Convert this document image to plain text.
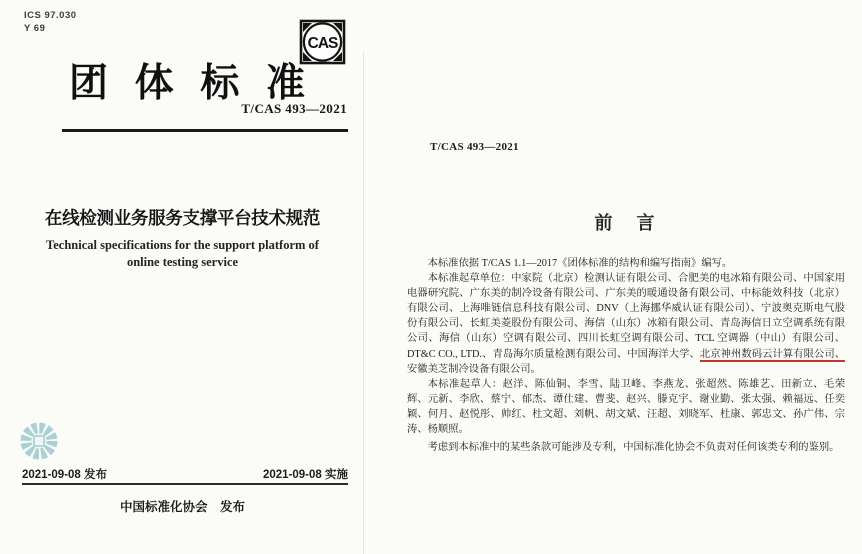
ICS 97.030
Y 69
CAS
团 体 标 准
T/CAS 493—2021
在线检测业务服务支撑平台技术规范
Technical specifications for the support platform of
online testing service
2021-09-08 发布	2021-09-08 实施
中国标准化协会　发布
T/CAS 493—2021
前　言

本标准依据 T/CAS 1.1—2017《团体标准的结构和编写指南》编写。

本标准起草单位：中家院（北京）检测认证有限公司、合肥美的电冰箱有限公司、中国家用电器研究院、广东美的制冷设备有限公司、广东美的暖通设备有限公司、中标能效科技（北京）有限公司、上海唯链信息科技有限公司、DNV（上海挪华威认证有限公司）、宁波奥克斯电气股份有限公司、长虹美菱股份有限公司、海信（山东）冰箱有限公司、青岛海信日立空调系统有限公司、海信（山东）空调有限公司、四川长虹空调有限公司、TCL 空调器（中山）有限公司、DT&C CO., LTD.、青岛海尔质量检测有限公司、中国海洋大学、北京神州数码云计算有限公司、安徽美芝制冷设备有限公司。

本标准起草人：赵洋、陈仙铜、李雪、陆卫峰、李燕龙、张超然、陈雄艺、田新立、毛荣辉、元新、李欣、蔡宁、郁杰、谭仕建、曹斐、赵兴、滕克宇、谢业勤、张太强、赖福远、任奕颖、何月、赵悦彤、帅红、杜文超、刘帆、胡文斌、汪超、刘晓军、杜康、郭忠文、孙广伟、宗涛、杨顺照。

考虑到本标准中的某些条款可能涉及专利，中国标准化协会不负责对任何该类专利的鉴别。
